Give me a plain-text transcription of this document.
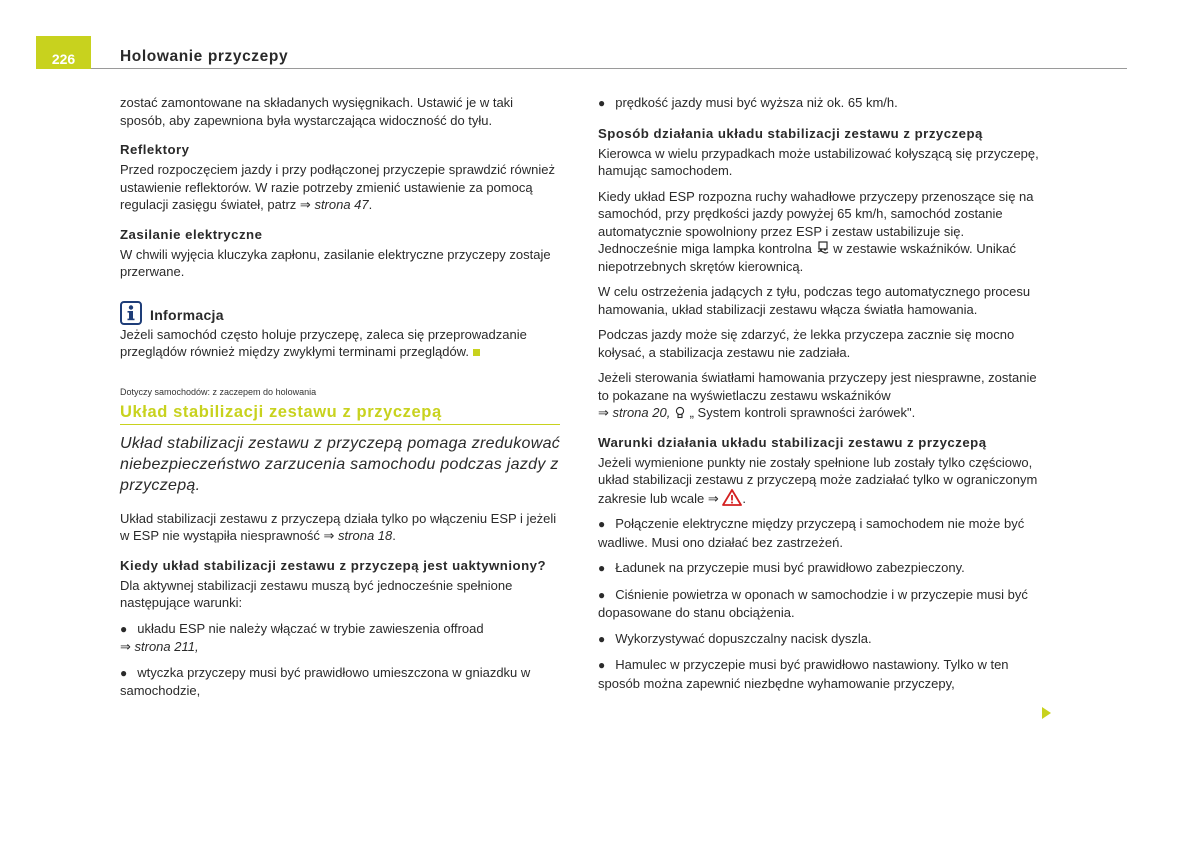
226	Holowanie przyczepy

zostać zamontowane na składanych wysięgnikach. Ustawić je w taki sposób, aby zapewniona była wystarczająca widoczność do tyłu.

Reflektory

Przed rozpoczęciem jazdy i przy podłączonej przyczepie sprawdzić również ustawienie reflektorów. W razie potrzeby zmienić ustawienie za pomocą regulacji zasięgu świateł, patrz ⇒ strona 47.

Zasilanie elektryczne

W chwili wyjęcia kluczyka zapłonu, zasilanie elektryczne przyczepy zostaje przerwane.

Informacja

Jeżeli samochód często holuje przyczepę, zaleca się przeprowadzanie przeglądów również między zwykłymi terminami przeglądów.

Dotyczy samochodów: z zaczepem do holowania
Układ stabilizacji zestawu z przyczepą

Układ stabilizacji zestawu z przyczepą pomaga zredukować niebezpieczeństwo zarzucenia samochodu podczas jazdy z przyczepą.

Układ stabilizacji zestawu z przyczepą działa tylko po włączeniu ESP i jeżeli w ESP nie wystąpiła niesprawność ⇒ strona 18.

Kiedy układ stabilizacji zestawu z przyczepą jest uaktywniony?

Dla aktywnej stabilizacji zestawu muszą być jednocześnie spełnione następujące warunki:

● układu ESP nie należy włączać w trybie zawieszenia offroad
⇒ strona 211,

● wtyczka przyczepy musi być prawidłowo umieszczona w gniazdku w samochodzie,

● prędkość jazdy musi być wyższa niż ok. 65 km/h.

Sposób działania układu stabilizacji zestawu z przyczepą

Kierowca w wielu przypadkach może ustabilizować kołyszącą się przyczepę, hamując samochodem.

Kiedy układ ESP rozpozna ruchy wahadłowe przyczepy przenoszące się na samochód, przy prędkości jazdy powyżej 65 km/h, samochód zostanie automatycznie spowolniony przez ESP i zestaw ustabilizuje się. Jednocześnie miga lampka kontrolna w zestawie wskaźników. Unikać niepotrzebnych skrętów kierownicą.

W celu ostrzeżenia jadących z tyłu, podczas tego automatycznego procesu hamowania, układ stabilizacji zestawu włącza światła hamowania.

Podczas jazdy może się zdarzyć, że lekka przyczepa zacznie się mocno kołysać, a stabilizacja zestawu nie zadziała.

Jeżeli sterowania światłami hamowania przyczepy jest niesprawne, zostanie to pokazane na wyświetlaczu zestawu wskaźników
⇒ strona 20, „ System kontroli sprawności żarówek".

Warunki działania układu stabilizacji zestawu z przyczepą

Jeżeli wymienione punkty nie zostały spełnione lub zostały tylko częściowo, układ stabilizacji zestawu z przyczepą może zadziałać tylko w ograniczonym zakresie lub wcale ⇒ .

● Połączenie elektryczne między przyczepą i samochodem nie może być wadliwe. Musi ono działać bez zastrzeżeń.

● Ładunek na przyczepie musi być prawidłowo zabezpieczony.

● Ciśnienie powietrza w oponach w samochodzie i w przyczepie musi być dopasowane do stanu obciążenia.

● Wykorzystywać dopuszczalny nacisk dyszla.

● Hamulec w przyczepie musi być prawidłowo nastawiony. Tylko w ten sposób można zapewnić niezbędne wyhamowanie przyczepy,
